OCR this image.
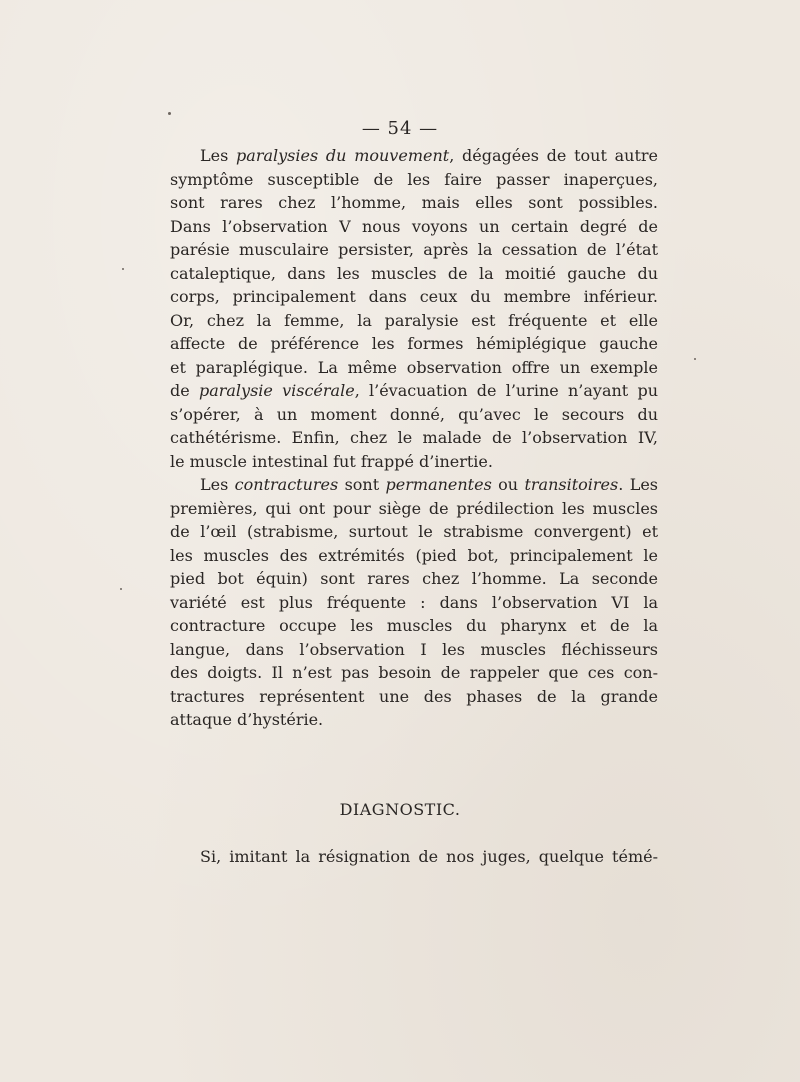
— 54 —
Les paralysies du mouvement, dégagées de tout autre
symptôme susceptible de les faire passer inaperçues,
sont rares chez l’homme, mais elles sont possibles.
Dans l’observation V nous voyons un certain degré de
parésie musculaire persister, après la cessation de l’état
cataleptique, dans les muscles de la moitié gauche du
corps, principalement dans ceux du membre inférieur.
Or, chez la femme, la paralysie est fréquente et elle
affecte de préférence les formes hémiplégique gauche
et paraplégique. La même observation offre un exemple
de paralysie viscérale, l’évacuation de l’urine n’ayant pu
s’opérer, à un moment donné, qu’avec le secours du
cathétérisme. Enfin, chez le malade de l’observation IV,
le muscle intestinal fut frappé d’inertie.
Les contractures sont permanentes ou transitoires. Les
premières, qui ont pour siège de prédilection les muscles
de l’œil (strabisme, surtout le strabisme convergent) et
les muscles des extrémités (pied bot, principalement le
pied bot équin) sont rares chez l’homme. La seconde
variété est plus fréquente : dans l’observation VI la
contracture occupe les muscles du pharynx et de la
langue, dans l’observation I les muscles fléchisseurs
des doigts. Il n’est pas besoin de rappeler que ces con-
tractures représentent une des phases de la grande
attaque d’hystérie.
DIAGNOSTIC.
Si, imitant la résignation de nos juges, quelque témé-
